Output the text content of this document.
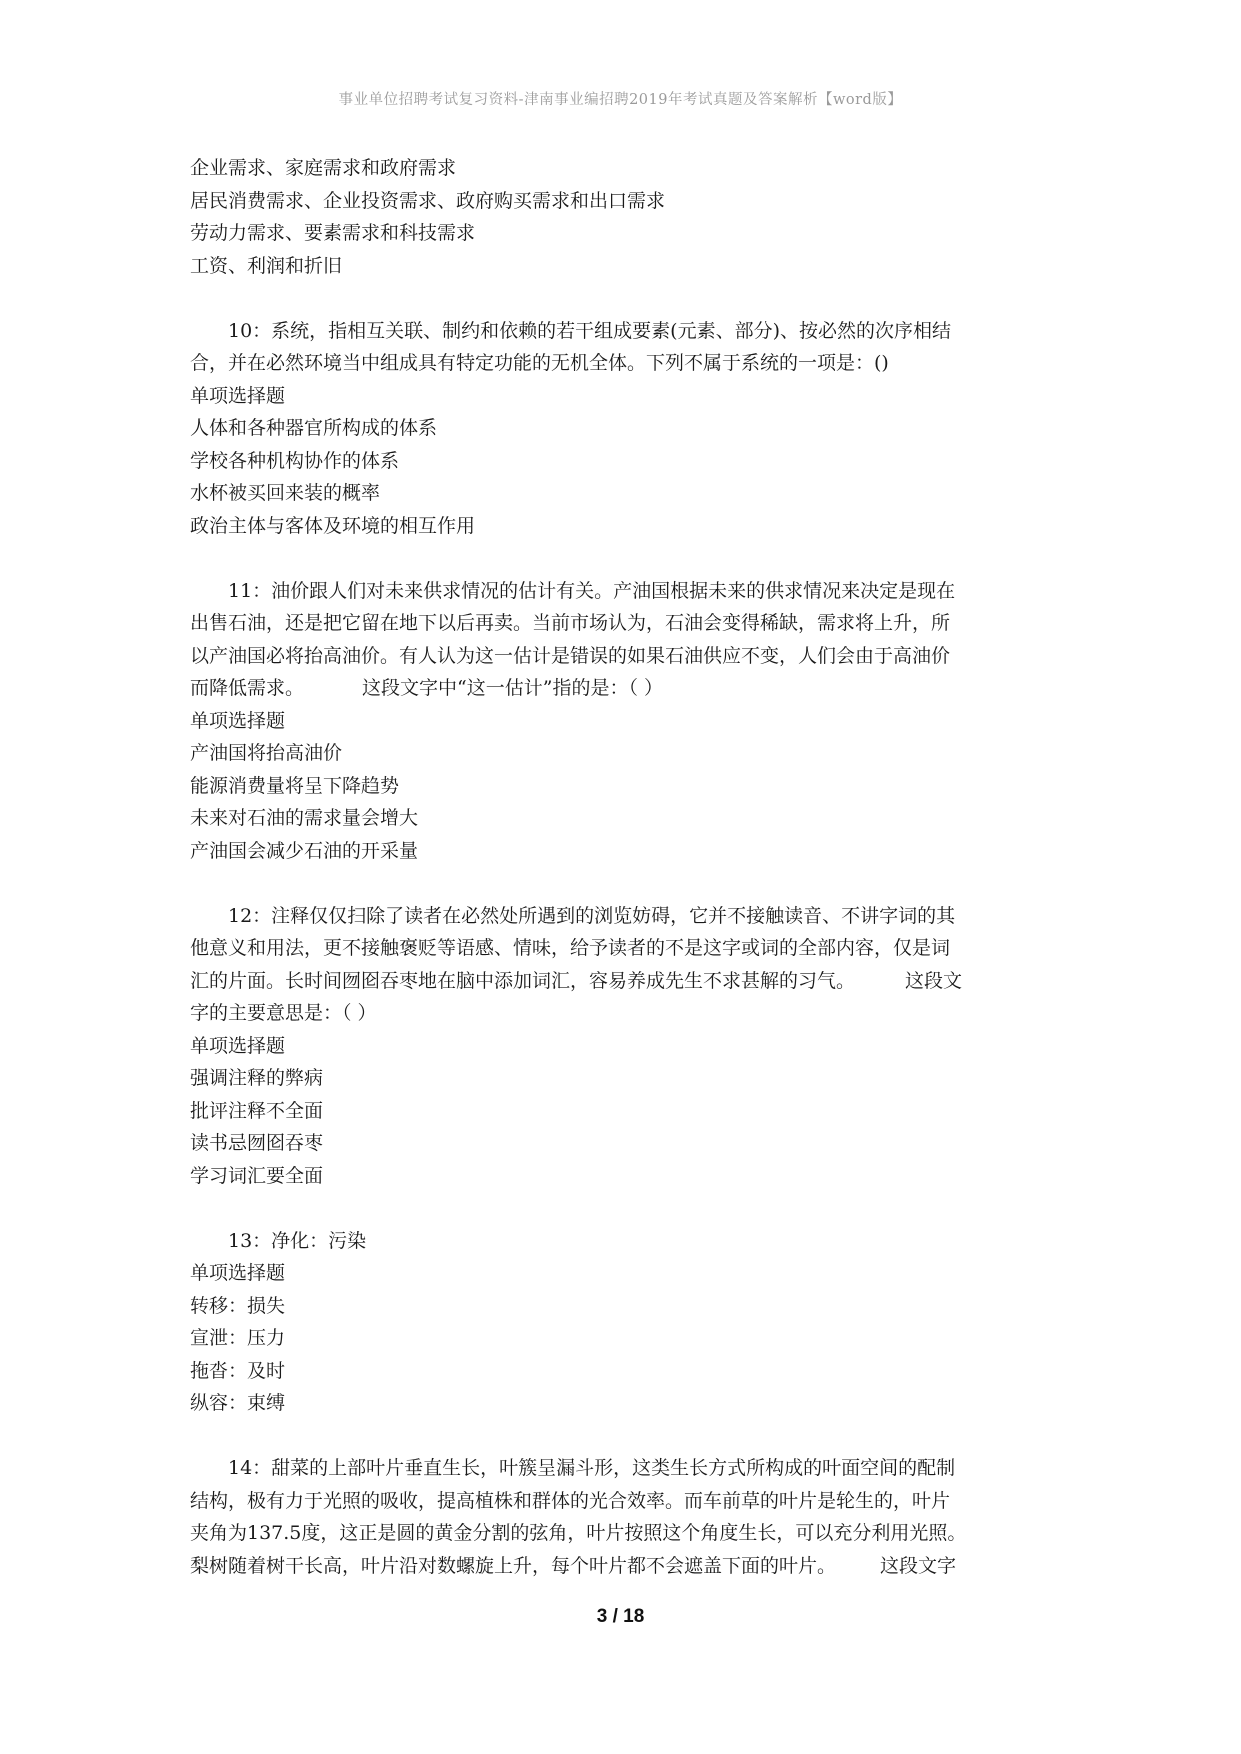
事业单位招聘考试复习资料-津南事业编招聘2019年考试真题及答案解析【word版】
企业需求、家庭需求和政府需求
居民消费需求、企业投资需求、政府购买需求和出口需求
劳动力需求、要素需求和科技需求
工资、利润和折旧
10：系统，指相互关联、制约和依赖的若干组成要素(元素、部分)、按必然的次序相结
合，并在必然环境当中组成具有特定功能的无机全体。下列不属于系统的一项是：()
单项选择题
人体和各种器官所构成的体系
学校各种机构协作的体系
水杯被买回来装的概率
政治主体与客体及环境的相互作用
11：油价跟人们对未来供求情况的估计有关。产油国根据未来的供求情况来决定是现在
出售石油，还是把它留在地下以后再卖。当前市场认为，石油会变得稀缺，需求将上升，所
以产油国必将抬高油价。有人认为这一估计是错误的如果石油供应不变，人们会由于高油价
而降低需求。	这段文字中“这一估计”指的是：（ ）
单项选择题
产油国将抬高油价
能源消费量将呈下降趋势
未来对石油的需求量会增大
产油国会减少石油的开采量
12：注释仅仅扫除了读者在必然处所遇到的浏览妨碍，它并不接触读音、不讲字词的其
他意义和用法，更不接触褒贬等语感、情味，给予读者的不是这字或词的全部内容，仅是词
汇的片面。长时间囫囵吞枣地在脑中添加词汇，容易养成先生不求甚解的习气。	这段文
字的主要意思是：（ ）
单项选择题
强调注释的弊病
批评注释不全面
读书忌囫囵吞枣
学习词汇要全面
13：净化：污染
单项选择题
转移：损失
宣泄：压力
拖沓：及时
纵容：束缚
14：甜菜的上部叶片垂直生长，叶簇呈漏斗形，这类生长方式所构成的叶面空间的配制
结构，极有力于光照的吸收，提高植株和群体的光合效率。而车前草的叶片是轮生的，叶片
夹角为137.5度，这正是圆的黄金分割的弦角，叶片按照这个角度生长，可以充分利用光照。
梨树随着树干长高，叶片沿对数螺旋上升，每个叶片都不会遮盖下面的叶片。 这段文字
3 / 18
